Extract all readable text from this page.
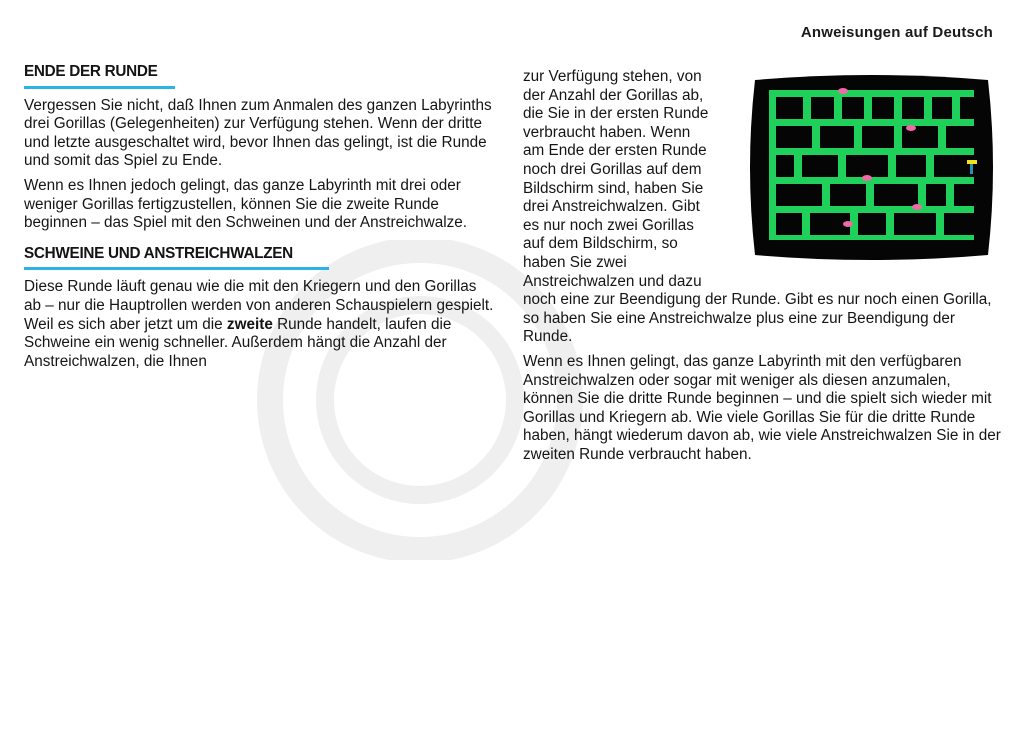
Anweisungen auf Deutsch
ENDE DER RUNDE

Vergessen Sie nicht, daß Ihnen zum Anmalen des ganzen Labyrinths drei Gorillas (Gelegenheiten) zur Verfügung stehen. Wenn der dritte und letzte ausgeschaltet wird, bevor Ihnen das gelingt, ist die Runde und somit das Spiel zu Ende.

Wenn es Ihnen jedoch gelingt, das ganze Labyrinth mit drei oder weniger Gorillas fertigzustellen, können Sie die zweite Runde beginnen – das Spiel mit den Schweinen und der Anstreichwalze.

SCHWEINE UND ANSTREICHWALZEN

Diese Runde läuft genau wie die mit den Kriegern und den Gorillas ab – nur die Hauptrollen werden von anderen Schauspielern gespielt. Weil es sich aber jetzt um die zweite Runde handelt, laufen die Schweine ein wenig schneller. Außerdem hängt die Anzahl der Anstreichwalzen, die Ihnen

zur Verfügung stehen, von
der Anzahl der Gorillas ab,
die Sie in der ersten Runde
verbraucht haben. Wenn
am Ende der ersten Runde
noch drei Gorillas auf dem
Bildschirm sind, haben Sie
drei Anstreichwalzen. Gibt
es nur noch zwei Gorillas
auf dem Bildschirm, so
haben Sie zwei
Anstreichwalzen und dazu

noch eine zur Beendigung der Runde. Gibt es nur noch einen Gorilla, so haben Sie eine Anstreichwalze plus eine zur Beendigung der Runde.

Wenn es Ihnen gelingt, das ganze Labyrinth mit den verfügbaren Anstreichwalzen oder sogar mit weniger als diesen anzumalen, können Sie die dritte Runde beginnen – und die spielt sich wieder mit Gorillas und Kriegern ab. Wie viele Gorillas Sie für die dritte Runde haben, hängt wiederum davon ab, wie viele Anstreichwalzen Sie in der zweiten Runde verbraucht haben.
